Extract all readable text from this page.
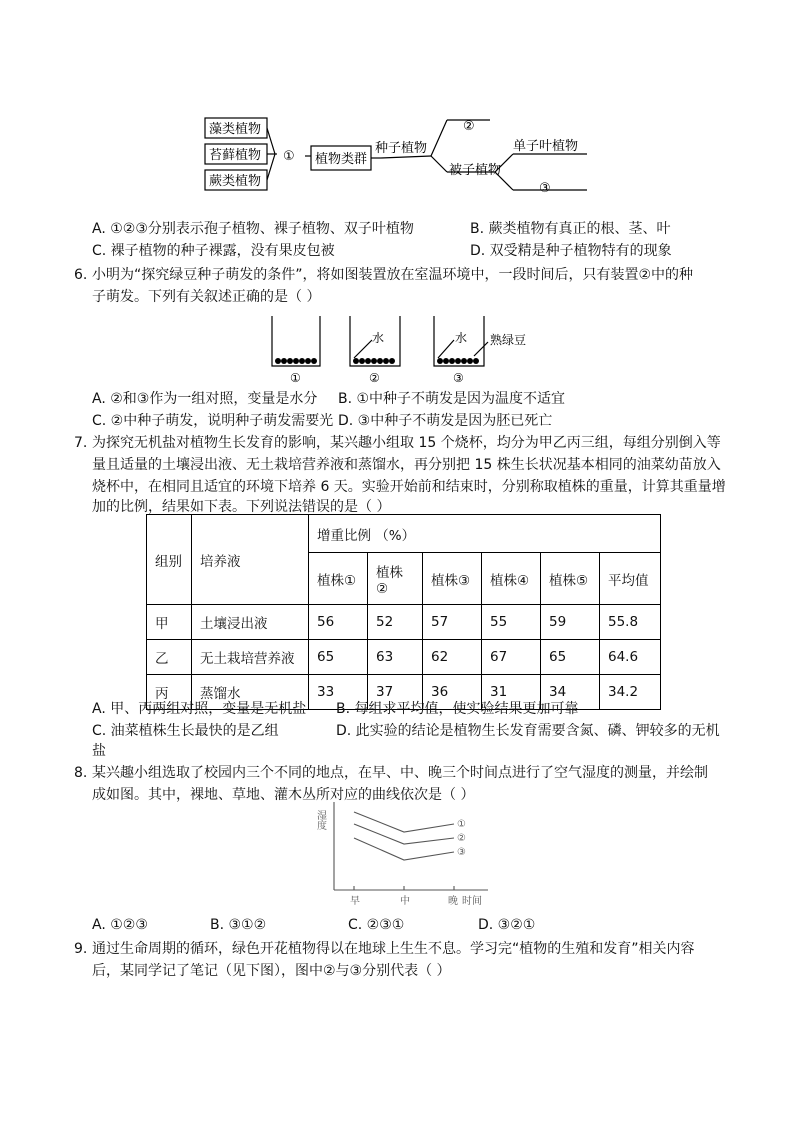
藻类植物
苔藓植物
蕨类植物
① 植物类群
种子植物
②
被子植物
单子叶植物
③
A. ①②③分别表示孢子植物、裸子植物、双子叶植物	B. 蕨类植物有真正的根、茎、叶
C. 裸子植物的种子裸露，没有果皮包被	D. 双受精是种子植物特有的现象
6. 小明为“探究绿豆种子萌发的条件”，将如图装置放在室温环境中，一段时间后，只有装置②中的种
子萌发。下列有关叙述正确的是（ ）
水	水 熟绿豆
①	②	③
A. ②和③作为一组对照，变量是水分 B. ①中种子不萌发是因为温度不适宜
C. ②中种子萌发，说明种子萌发需要光 D. ③中种子不萌发是因为胚已死亡
7. 为探究无机盐对植物生长发育的影响，某兴趣小组取 15 个烧杯，均分为甲乙丙三组，每组分别倒入等
量且适量的土壤浸出液、无土栽培营养液和蒸馏水，再分别把 15 株生长状况基本相同的油菜幼苗放入
烧杯中，在相同且适宜的环境下培养 6 天。实验开始前和结束时，分别称取植株的重量，计算其重量增
加的比例，结果如下表。下列说法错误的是（ ）
组别	培养液	增重比例 （%）					
		植株①	植株②	植株③	植株④	植株⑤	平均值
甲	土壤浸出液	56	52	57	55	59	55.8
乙	无土栽培营养液	65	63	62	67	65	64.6
丙	蒸馏水	33	37	36	31	34	34.2
A. 甲、丙两组对照，变量是无机盐 B. 每组求平均值，使实验结果更加可靠
C. 油菜植株生长最快的是乙组	D. 此实验的结论是植物生长发育需要含氮、磷、钾较多的无机
盐
8. 某兴趣小组选取了校园内三个不同的地点，在早、中、晚三个时间点进行了空气湿度的测量，并绘制
成如图。其中，裸地、草地、灌木丛所对应的曲线依次是（ ）
湿度	①
②
③
早	中	晚 时间
A. ①②③	B. ③①②	C. ②③①	D. ③②①
9. 通过生命周期的循环，绿色开花植物得以在地球上生生不息。学习完“植物的生殖和发育”相关内容
后，某同学记了笔记（见下图），图中②与③分别代表（ ）
